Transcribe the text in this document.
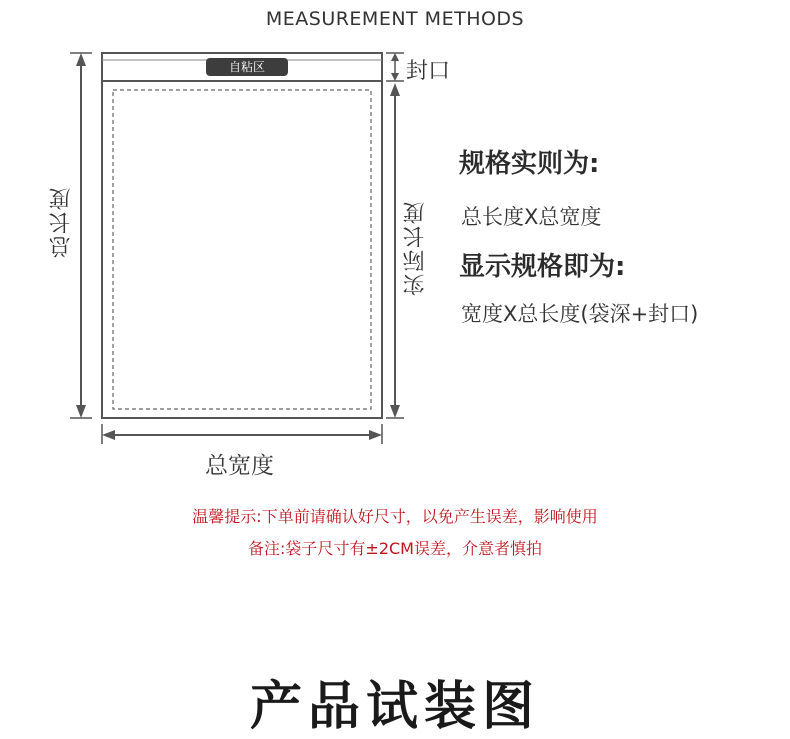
MEASUREMENT METHODS
自粘区	封口
总长度	实际长度
总宽度
规格实则为:
总长度X总宽度
显示规格即为:
宽度X总长度(袋深+封口)
温馨提示:下单前请确认好尺寸，以免产生误差，影响使用
备注:袋子尺寸有±2CM误差，介意者慎拍
产品试装图
